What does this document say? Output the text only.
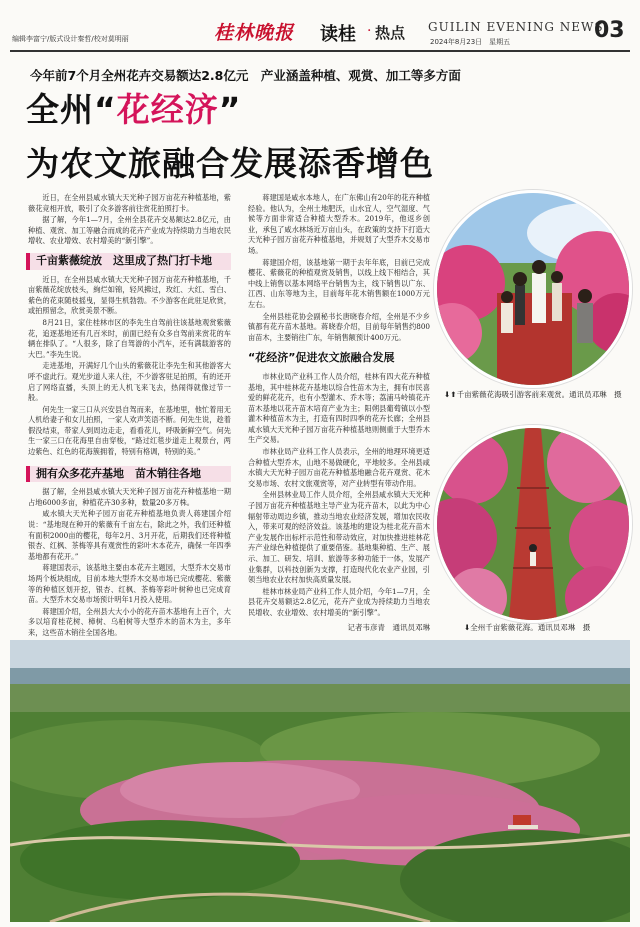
编辑李富宁/版式设计秦哲/校对莫明丽	桂林晚报 读桂 · 热点 GUILIN EVENING NEWS
2024年8月23日　星期五	03
今年前7个月全州花卉交易额达2.8亿元　产业涵盖种植、观赏、加工等多方面
全州“花经济”
为农文旅融合发展添香增色

近日，在全州县咸水镇大天光种子园万亩花卉种植基地，紫薇花竞相开放，吸引了众多游客前往赏花拍照打卡。

据了解，今年1—7月，全州全县花卉交易额达2.8亿元，由种植、观赏、加工等融合而成的花卉产业成为持续助力当地农民增收、农业增效、农村增美的“新引擎”。

千亩紫薇绽放　这里成了热门打卡地

近日，在全州县咸水镇大天光种子园万亩花卉种植基地，千亩紫薇花绽放枝头，絢烂如锦，轻风拂过，玫红、大红、雪白、紫色的花束随枝摇曳，显得生机勃勃。不少游客在此驻足欣赏，或拍照留念，欣赏美景不断。

8月21日，家住桂林市区的李先生自驾前往该基地观赏紫薇花，追逐基地还有几百米时，前面已经有众多自驾前来赏花的车辆在排队了。“人很多，除了自驾游的小汽车，还有满载游客的大巴。”李先生说。

走进基地，开满好几个山头的紫薇花让李先生和其他游客大呼不虚此行。观光步道人来人往，不少游客驻足拍照，有的还开启了网络直播，头顶上的无人机飞来飞去，热闹得就像过节一般。

何先生一家三口从兴安县自驾而来，在基地里，他忙着用无人机给妻子和女儿拍照，一家人欢声笑语不断。何先生说，趁着假没结束，带家人到周边走走，看看花儿，呼吸新鲜空气。何先生一家三口在花海里自由穿梭，“路过红毯步道走上观景台，两边紫色、红色的花海簇拥着，特别有格调，特别的美。”

拥有众多花卉基地　苗木销往各地

据了解，全州县咸水镇大天光种子园万亩花卉种植基地一期占地6000多亩，种植花卉30多种，数量20多万株。

咸水镇大天光种子园万亩花卉种植基地负责人蒋建国介绍说：“基地现在种开的紫薇有千亩左右，除此之外，我们还种植有面积2000亩的樱花，每年2月、3月开花，后期我们还将种植银杏、红枫、茶梅等具有观赏性的彩叶木本花卉，确保一年四季基地都有花开。”

蒋建国表示，该基地主要由本花卉主题园，大型乔木交易市场两个板块组成，目前本地大型乔木交易市场已完成樱花、紫薇等的种植区划开挖，银杏、红枫、茶梅等彩叶树种也已完成育苗。大型乔木交易市场预计明年1月投入使用。

蒋建国介绍，全州县大大小小的花卉苗木基地有上百个，大多以培育桂花树、樟树、乌桕树等大型乔木的苗木为主，多年来，这些苗木销往全国各地。

蒋建国是咸水本地人，在广东佛山有20年的花卉种植经验。他认为，全州土地肥沃，山水宜人，空气湿度、气候等方面非常适合种植大型乔木。2019年，他返乡创业，承包了咸水林场近万亩山头，在政策的支持下打造大天光种子园万亩花卉种植基地，并规划了大型乔木交易市场。

蒋建国介绍，该基地第一期于去年年底，目前已完成樱花、紫薇花的种植观赏及销售，以线上线下相结合，其中线上销售以基本网络平台销售为主，线下销售以广东、江西、山东等地为主，目前每年花木销售额在1000万元左右。

全州县桂花协会副秘书长唐晓春介绍，全州是不少乡镇都有花卉苗木基地。蒋晓春介绍，目前每年销售约800亩苗木，主要销往广东，年销售额预计400万元。

“花经济”促进农文旅融合发展

市林业局产业科工作人员介绍，桂林有四大花卉种植基地，其中桂林花卉基地以综合性苗木为主，拥有市民喜爱的鲜花花卉，也有小型灌木、乔木等；荔浦马岭镇花卉苗木基地以花卉苗木培育产业为主；阳朔县葡萄镇以小型灌木种植苗木为主，打造有四时四季的花卉长廊；全州县咸水镇大天光种子园万亩花卉种植基地则侧重于大型乔木生产交易。

市林业局产业科工作人员表示，全州的地理环境更适合种植大型乔木，山地不易做硬化，平地较多。全州县咸水镇大天光种子园万亩花卉种植基地融合花卉观赏、花木交易市场、农村文旅观赏等，对产业转型有带动作用。

全州县林业局工作人员介绍，全州县咸水镇大天光种子园万亩花卉种植基地主导产业为花卉苗木，以此为中心辐射带动周边乡镇，推动当地农业经济发展，增加农民收入，带来可观的经济效益。该基地的建设为桂北花卉苗木产业发展作出标杆示范性和带动效应，对加快推进桂林花卉产业绿色种植提供了重要借鉴。基地集种植、生产、展示、加工、研发、培训、旅游等多种功能于一体，发展产业集群，以科技创新为支撑，打造现代化农业产业园，引领当地农业农村加快高质量发展。

桂林市林业局产业科工作人员介绍，今年1—7月，全县花卉交易额达2.8亿元，花卉产业成为持续助力当地农民增收、农业增效、农村增美的“新引擎”。

记者韦彦青　通讯员邓琳
⬇⬆千亩紫薇花海吸引游客前来观赏。通讯员邓琳　摄
⬇全州千亩紫薇花海。通讯员邓琳　摄
